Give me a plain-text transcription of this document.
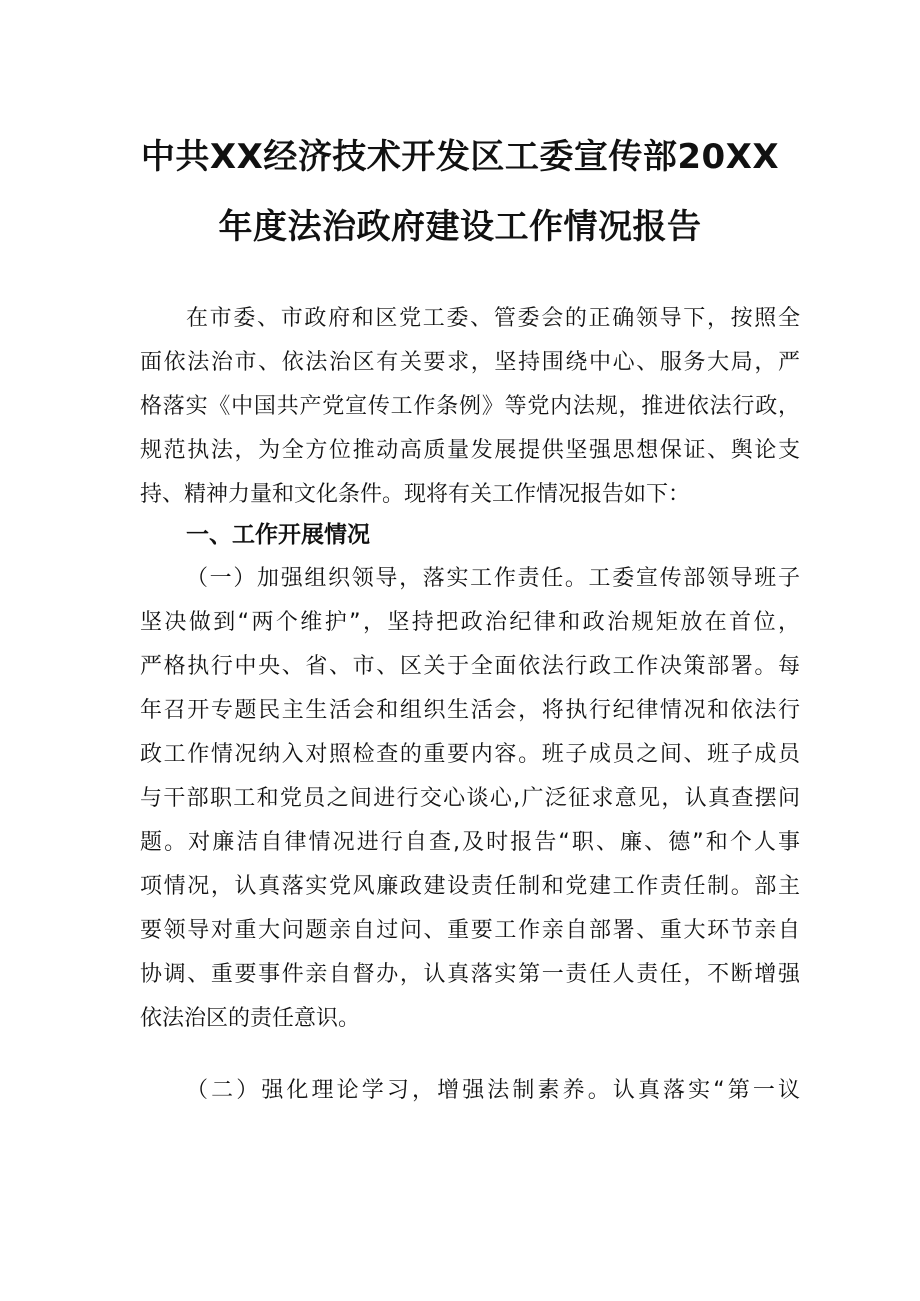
中共XX经济技术开发区工委宣传部20XX
年度法治政府建设工作情况报告
在市委、市政府和区党工委、管委会的正确领导下，按照全
面依法治市、依法治区有关要求，坚持围绕中心、服务大局，严
格落实《中国共产党宣传工作条例》等党内法规，推进依法行政，
规范执法，为全方位推动高质量发展提供坚强思想保证、舆论支
持、精神力量和文化条件。现将有关工作情况报告如下：
一、工作开展情况
（一）加强组织领导，落实工作责任。工委宣传部领导班子
坚决做到“两个维护”，坚持把政治纪律和政治规矩放在首位，
严格执行中央、省、市、区关于全面依法行政工作决策部署。每
年召开专题民主生活会和组织生活会，将执行纪律情况和依法行
政工作情况纳入对照检查的重要内容。班子成员之间、班子成员
与干部职工和党员之间进行交心谈心,广泛征求意见，认真查摆问
题。对廉洁自律情况进行自查,及时报告“职、廉、德”和个人事
项情况，认真落实党风廉政建设责任制和党建工作责任制。部主
要领导对重大问题亲自过问、重要工作亲自部署、重大环节亲自
协调、重要事件亲自督办，认真落实第一责任人责任，不断增强
依法治区的责任意识。
（二）强化理论学习，增强法制素养。认真落实“第一议
